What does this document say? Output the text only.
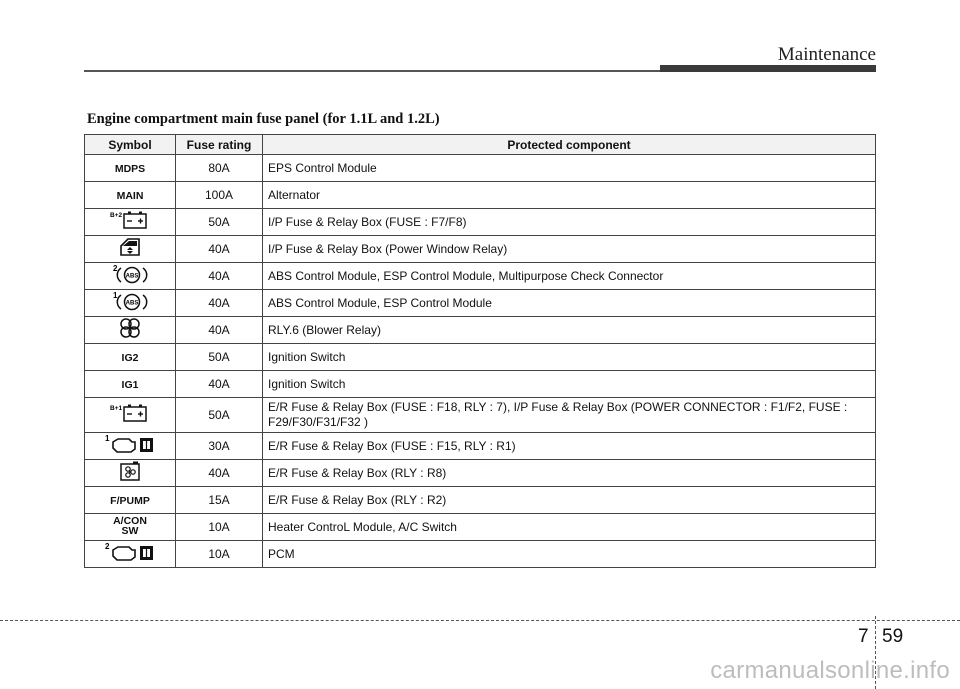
Maintenance
Engine compartment main fuse panel (for 1.1L and 1.2L)
Symbol	Fuse rating	Protected component
MDPS	80A	EPS Control Module
MAIN	100A	Alternator

B+2	50A	I/P Fuse & Relay Box (FUSE : F7/F8)
	40A	I/P Fuse & Relay Box (Power Window Relay)

2
ABS	40A	ABS Control Module, ESP Control Module, Multipurpose Check Connector

1
ABS	40A	ABS Control Module, ESP Control Module
	40A	RLY.6 (Blower Relay)
IG2	50A	Ignition Switch
IG1	40A	Ignition Switch

B+1	50A	E/R Fuse & Relay Box (FUSE : F18, RLY : 7), I/P Fuse & Relay Box (POWER CONNECTOR : F1/F2, FUSE : F29/F30/F31/F32 )

1	30A	E/R Fuse & Relay Box (FUSE : F15, RLY : R1)
	40A	E/R Fuse & Relay Box (RLY : R8)
F/PUMP	15A	E/R Fuse & Relay Box (RLY : R2)
A/CON SW	10A	Heater ControL Module, A/C Switch

2	10A	PCM
7 59
carmanualsonline.info
